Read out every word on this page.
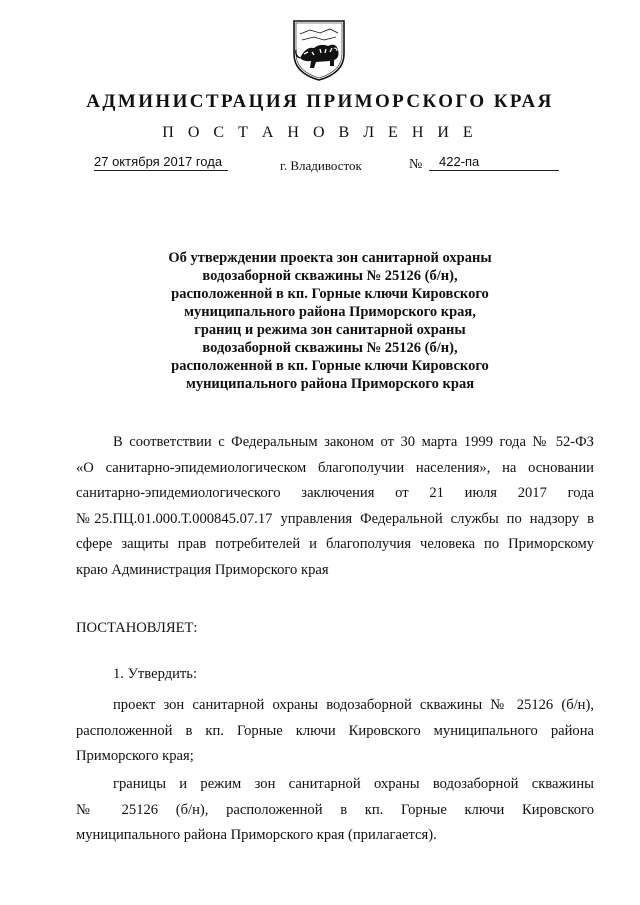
АДМИНИСТРАЦИЯ ПРИМОРСКОГО КРАЯ
П О С Т А Н О В Л Е Н И Е
27 октября 2017 года	г. Владивосток	№	422-па
Об утверждении проекта зон санитарной охраны
водозаборной скважины № 25126 (б/н),
расположенной в кп. Горные ключи Кировского
муниципального района Приморского края,
границ и режима зон санитарной охраны
водозаборной скважины № 25126 (б/н),
расположенной в кп. Горные ключи Кировского
муниципального района Приморского края
В соответствии с Федеральным законом от 30 марта 1999 года № 52-ФЗ
«О санитарно-эпидемиологическом благополучии населения», на основании
санитарно-эпидемиологического заключения от 21 июля 2017 года
№25.ПЦ.01.000.Т.000845.07.17 управления Федеральной службы по надзору в
сфере защиты прав потребителей и благополучия человека по Приморскому
краю Администрация Приморского края
ПОСТАНОВЛЯЕТ:
1. Утвердить:
проект зон санитарной охраны водозаборной скважины № 25126 (б/н),
расположенной в кп. Горные ключи Кировского муниципального района
Приморского края;
границы и режим зон санитарной охраны водозаборной скважины
№ 25126 (б/н), расположенной в кп. Горные ключи Кировского
муниципального района Приморского края (прилагается).
